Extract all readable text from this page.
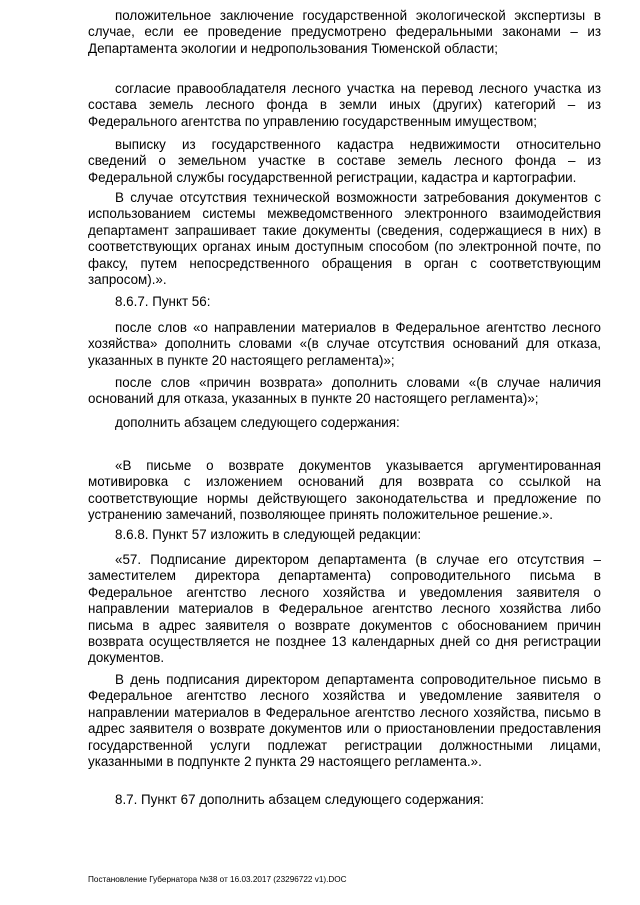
положительное заключение государственной экологической экспертизы в случае, если ее проведение предусмотрено федеральными законами – из Департамента экологии и недропользования Тюменской области;

согласие правообладателя лесного участка на перевод лесного участка из состава земель лесного фонда в земли иных (других) категорий – из Федерального агентства по управлению государственным имуществом;

выписку из государственного кадастра недвижимости относительно сведений о земельном участке в составе земель лесного фонда – из Федеральной службы государственной регистрации, кадастра и картографии.

В случае отсутствия технической возможности затребования документов с использованием системы межведомственного электронного взаимодействия департамент запрашивает такие документы (сведения, содержащиеся в них) в соответствующих органах иным доступным способом (по электронной почте, по факсу, путем непосредственного обращения в орган с соответствующим запросом).».

8.6.7. Пункт 56:

после слов «о направлении материалов в Федеральное агентство лесного хозяйства» дополнить словами «(в случае отсутствия оснований для отказа, указанных в пункте 20 настоящего регламента)»;

после слов «причин возврата» дополнить словами «(в случае наличия оснований для отказа, указанных в пункте 20 настоящего регламента)»;

дополнить абзацем следующего содержания:

«В письме о возврате документов указывается аргументированная мотивировка с изложением оснований для возврата со ссылкой на соответствующие нормы действующего законодательства и предложение по устранению замечаний, позволяющее принять положительное решение.».

8.6.8. Пункт 57 изложить в следующей редакции:

«57. Подписание директором департамента (в случае его отсутствия – заместителем директора департамента) сопроводительного письма в Федеральное агентство лесного хозяйства и уведомления заявителя о направлении материалов в Федеральное агентство лесного хозяйства либо письма в адрес заявителя о возврате документов с обоснованием причин возврата осуществляется не позднее 13 календарных дней со дня регистрации документов.

В день подписания директором департамента сопроводительное письмо в Федеральное агентство лесного хозяйства и уведомление заявителя о направлении материалов в Федеральное агентство лесного хозяйства, письмо в адрес заявителя о возврате документов или о приостановлении предоставления государственной услуги подлежат регистрации должностными лицами, указанными в подпункте 2 пункта 29 настоящего регламента.».

8.7. Пункт 67 дополнить абзацем следующего содержания:

Постановление Губернатора №38 от 16.03.2017 (23296722 v1).DOC
